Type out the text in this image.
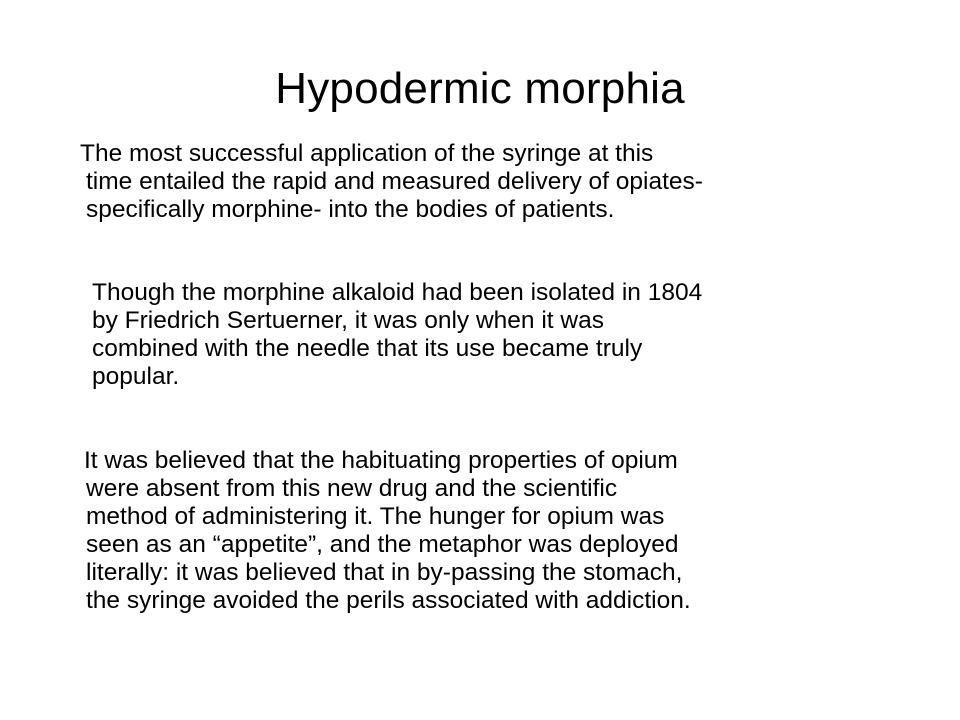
Hypodermic morphia

The most successful application of the syringe at this
time entailed the rapid and measured delivery of opiates-
specifically morphine- into the bodies of patients.

Though the morphine alkaloid had been isolated in 1804
by Friedrich Sertuerner, it was only when it was
combined with the needle that its use became truly
popular.

It was believed that the habituating properties of opium
were absent from this new drug and the scientific
method of administering it. The hunger for opium was
seen as an “appetite”, and the metaphor was deployed
literally: it was believed that in by-passing the stomach,
the syringe avoided the perils associated with addiction.
